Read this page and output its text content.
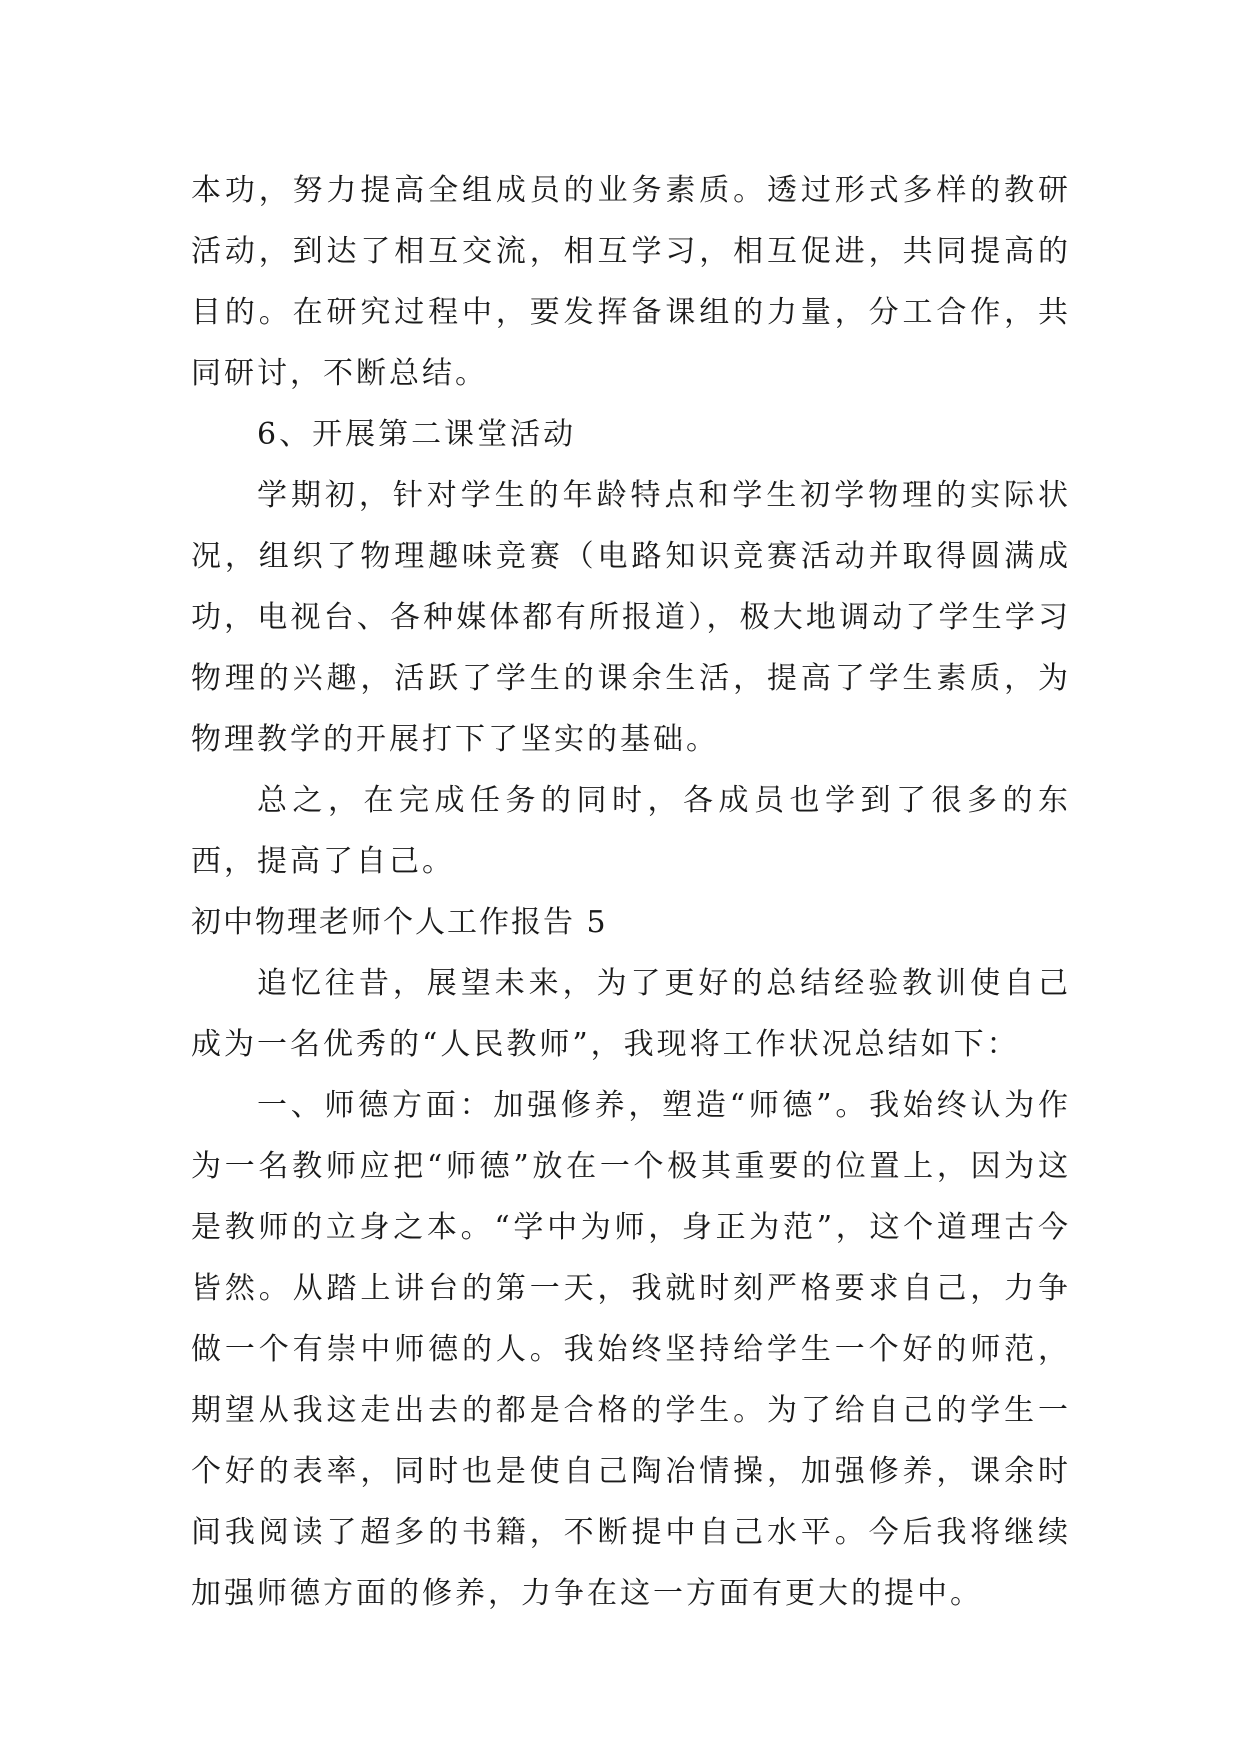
本功，努力提高全组成员的业务素质。透过形式多样的教研活动，到达了相互交流，相互学习，相互促进，共同提高的目的。在研究过程中，要发挥备课组的力量，分工合作，共同研讨，不断总结。

6、开展第二课堂活动

学期初，针对学生的年龄特点和学生初学物理的实际状况，组织了物理趣味竞赛（电路知识竞赛活动并取得圆满成功，电视台、各种媒体都有所报道），极大地调动了学生学习物理的兴趣，活跃了学生的课余生活，提高了学生素质，为物理教学的开展打下了坚实的基础。

总之，在完成任务的同时，各成员也学到了很多的东西，提高了自己。

初中物理老师个人工作报告 5

追忆往昔，展望未来，为了更好的总结经验教训使自己成为一名优秀的“人民教师”，我现将工作状况总结如下：

一、师德方面：加强修养，塑造“师德”。我始终认为作为一名教师应把“师德”放在一个极其重要的位置上，因为这是教师的立身之本。“学中为师，身正为范”，这个道理古今皆然。从踏上讲台的第一天，我就时刻严格要求自己，力争做一个有崇中师德的人。我始终坚持给学生一个好的师范，期望从我这走出去的都是合格的学生。为了给自己的学生一个好的表率，同时也是使自己陶冶情操，加强修养，课余时间我阅读了超多的书籍，不断提中自己水平。今后我将继续加强师德方面的修养，力争在这一方面有更大的提中。
